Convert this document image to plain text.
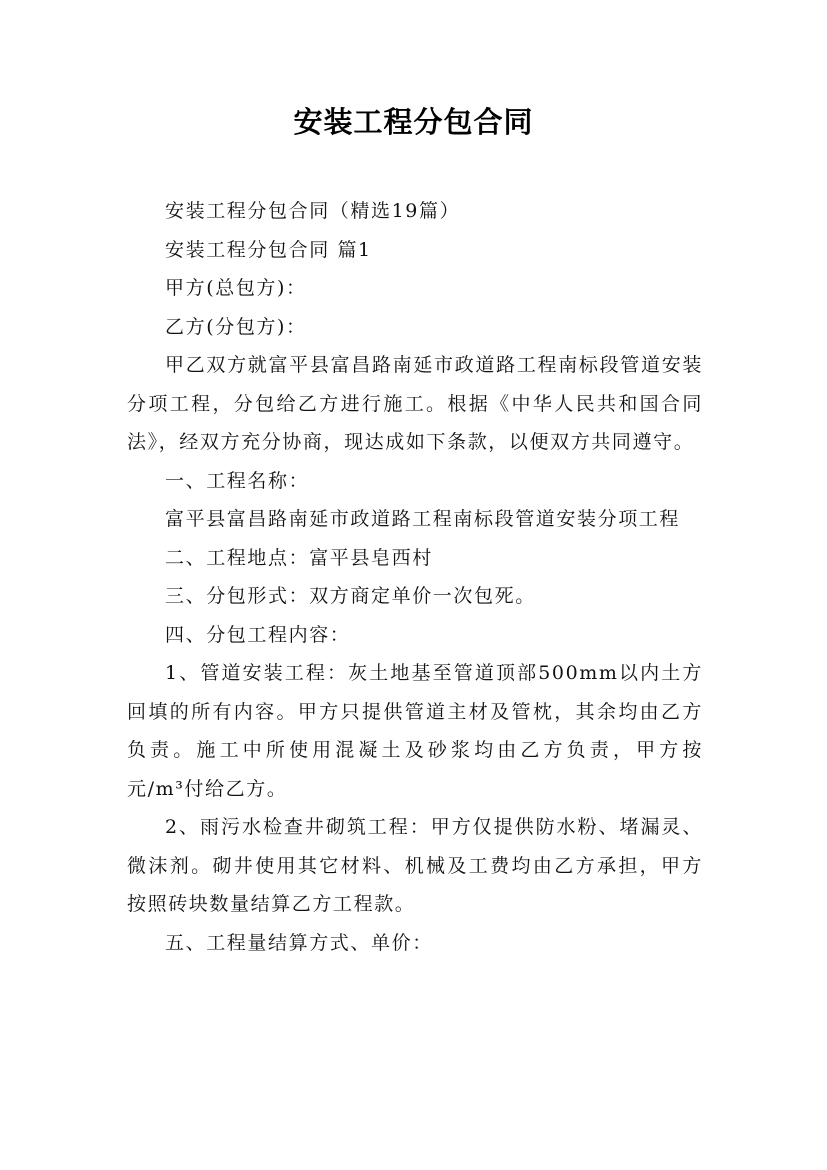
安装工程分包合同

安装工程分包合同（精选19篇）

安装工程分包合同 篇1

甲方(总包方)：

乙方(分包方)：

甲乙双方就富平县富昌路南延市政道路工程南标段管道安装分项工程，分包给乙方进行施工。根据《中华人民共和国合同法》，经双方充分协商，现达成如下条款，以便双方共同遵守。

一、工程名称：

富平县富昌路南延市政道路工程南标段管道安装分项工程

二、工程地点：富平县皂西村

三、分包形式：双方商定单价一次包死。

四、分包工程内容：

1、管道安装工程：灰土地基至管道顶部500mm以内土方回填的所有内容。甲方只提供管道主材及管枕，其余均由乙方负责。施工中所使用混凝土及砂浆均由乙方负责，甲方按 元/m³付给乙方。

2、雨污水检查井砌筑工程：甲方仅提供防水粉、堵漏灵、微沫剂。砌井使用其它材料、机械及工费均由乙方承担，甲方按照砖块数量结算乙方工程款。

五、工程量结算方式、单价：
